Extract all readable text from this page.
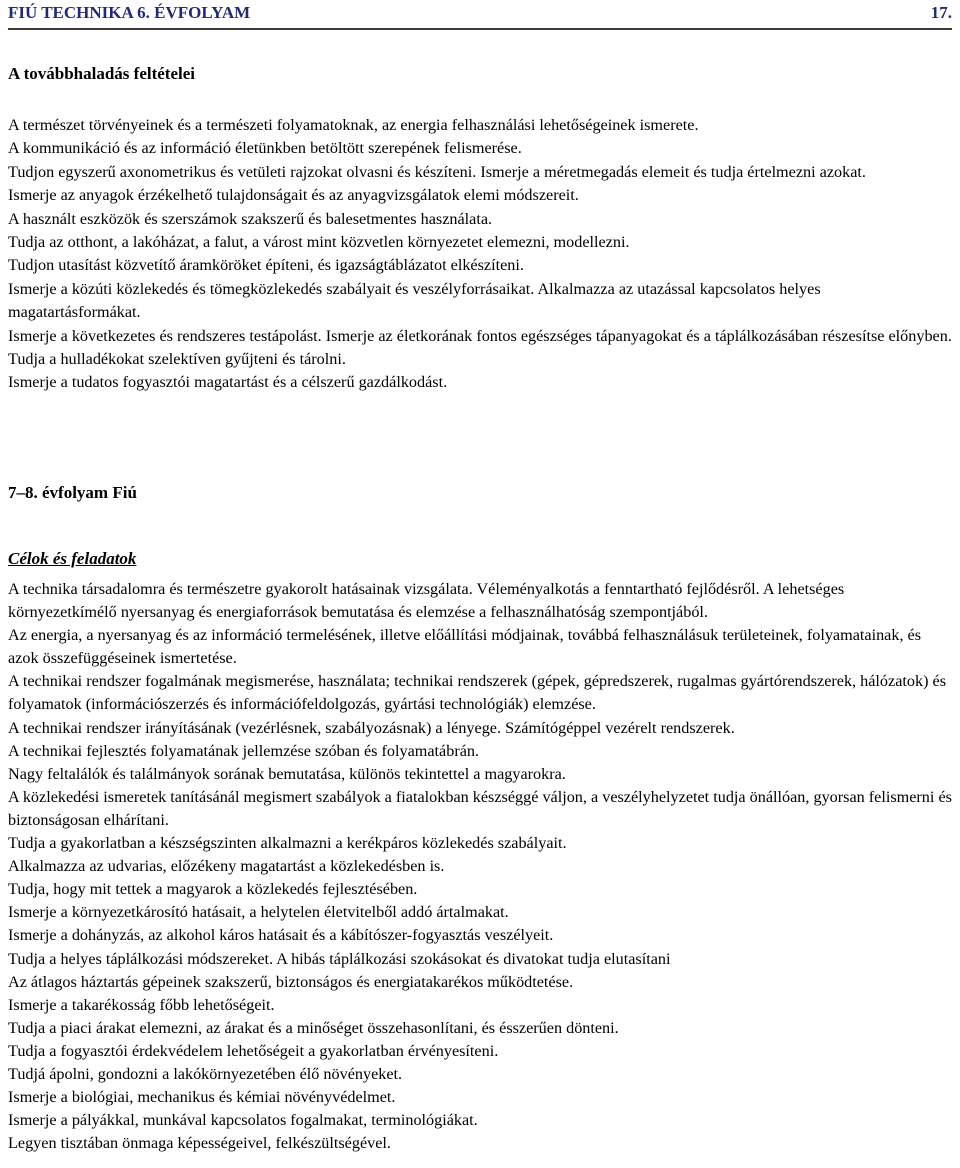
FIÚ TECHNIKA 6. ÉVFOLYAM	17.
A továbbhaladás feltételei

A természet törvényeinek és a természeti folyamatoknak, az energia felhasználási lehetőségeinek ismerete.

A kommunikáció és az információ életünkben betöltött szerepének felismerése.

Tudjon egyszerű axonometrikus és vetületi rajzokat olvasni és készíteni. Ismerje a méretmegadás elemeit és tudja értelmezni azokat.

Ismerje az anyagok érzékelhető tulajdonságait és az anyagvizsgálatok elemi módszereit.

A használt eszközök és szerszámok szakszerű és balesetmentes használata.

Tudja az otthont, a lakóházat, a falut, a várost mint közvetlen környezetet elemezni, modellezni.

Tudjon utasítást közvetítő áramköröket építeni, és igazságtáblázatot elkészíteni.

Ismerje a közúti közlekedés és tömegközlekedés szabályait és veszélyforrásaikat. Alkalmazza az utazással kapcsolatos helyes magatartásformákat.

Ismerje a következetes és rendszeres testápolást. Ismerje az életkorának fontos egészséges tápanyagokat és a táplálkozásában részesítse előnyben.

Tudja a hulladékokat szelektíven gyűjteni és tárolni.

Ismerje a tudatos fogyasztói magatartást és a célszerű gazdálkodást.

7–8. évfolyam Fiú
Célok és feladatok

A technika társadalomra és természetre gyakorolt hatásainak vizsgálata. Véleményalkotás a fenntartható fejlődésről. A lehetséges környezetkímélő nyersanyag és energiaforrások bemutatása és elemzése a felhasználhatóság szempontjából.

Az energia, a nyersanyag és az információ termelésének, illetve előállítási módjainak, továbbá felhasználásuk területeinek, folyamatainak, és azok összefüggéseinek ismertetése.

A technikai rendszer fogalmának megismerése, használata; technikai rendszerek (gépek, gépredszerek, rugalmas gyártórendszerek, hálózatok) és folyamatok (információszerzés és információfeldolgozás, gyártási technológiák) elemzése.

A technikai rendszer irányításának (vezérlésnek, szabályozásnak) a lényege. Számítógéppel vezérelt rendszerek.

A technikai fejlesztés folyamatának jellemzése szóban és folyamatábrán.

Nagy feltalálók és találmányok sorának bemutatása, különös tekintettel a magyarokra.

A közlekedési ismeretek tanításánál megismert szabályok a fiatalokban készséggé váljon, a veszélyhelyzetet tudja önállóan, gyorsan felismerni és biztonságosan elhárítani.

Tudja a gyakorlatban a készségszinten alkalmazni a kerékpáros közlekedés szabályait.

Alkalmazza az udvarias, előzékeny magatartást a közlekedésben is.

Tudja, hogy mit tettek a magyarok a közlekedés fejlesztésében.

Ismerje a környezetkárosító hatásait, a helytelen életvitelből addó ártalmakat.

Ismerje a dohányzás, az alkohol káros hatásait és a kábítószer-fogyasztás veszélyeit.

Tudja a helyes táplálkozási módszereket. A hibás táplálkozási szokásokat és divatokat tudja elutasítani

Az átlagos háztartás gépeinek szakszerű, biztonságos és energiatakarékos működtetése.

Ismerje a takarékosság főbb lehetőségeit.

Tudja a piaci árakat elemezni, az árakat és a minőséget összehasonlítani, és ésszerűen dönteni.

Tudja a fogyasztói érdekvédelem lehetőségeit a gyakorlatban érvényesíteni.

Tudjá ápolni, gondozni a lakókörnyezetében élő növényeket.

Ismerje a biológiai, mechanikus és kémiai növényvédelmet.

Ismerje a pályákkal, munkával kapcsolatos fogalmakat, terminológiákat.

Legyen tisztában önmaga képességeivel, felkészültségével.
